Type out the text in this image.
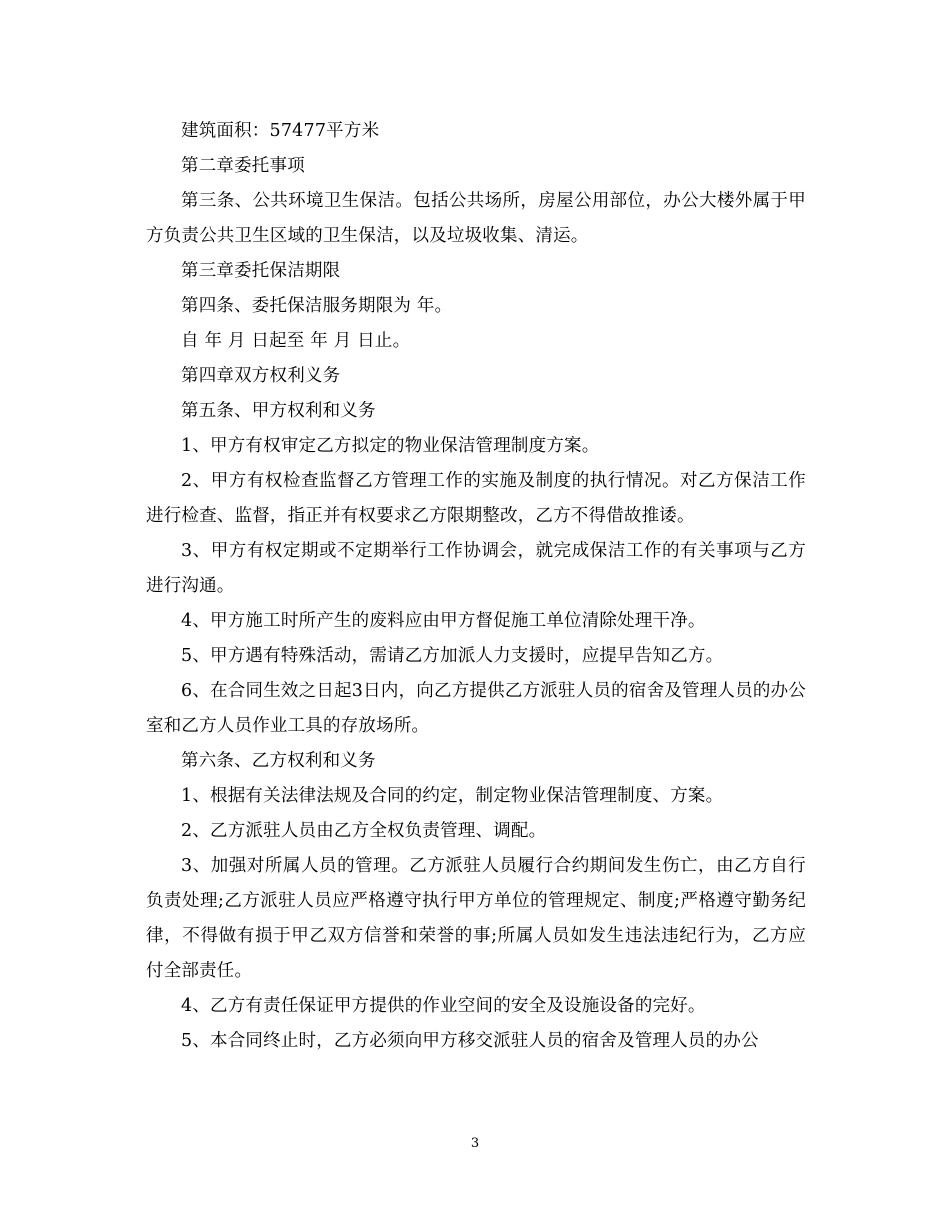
建筑面积：57477平方米

第二章委托事项

第三条、公共环境卫生保洁。包括公共场所，房屋公用部位，办公大楼外属于甲方负责公共卫生区域的卫生保洁，以及垃圾收集、清运。

第三章委托保洁期限

第四条、委托保洁服务期限为 年。

自 年 月 日起至 年 月 日止。

第四章双方权利义务

第五条、甲方权利和义务

1、甲方有权审定乙方拟定的物业保洁管理制度方案。

2、甲方有权检查监督乙方管理工作的实施及制度的执行情况。对乙方保洁工作进行检查、监督，指正并有权要求乙方限期整改，乙方不得借故推诿。

3、甲方有权定期或不定期举行工作协调会，就完成保洁工作的有关事项与乙方进行沟通。

4、甲方施工时所产生的废料应由甲方督促施工单位清除处理干净。

5、甲方遇有特殊活动，需请乙方加派人力支援时，应提早告知乙方。

6、在合同生效之日起3日内，向乙方提供乙方派驻人员的宿舍及管理人员的办公室和乙方人员作业工具的存放场所。

第六条、乙方权利和义务

1、根据有关法律法规及合同的约定，制定物业保洁管理制度、方案。

2、乙方派驻人员由乙方全权负责管理、调配。

3、加强对所属人员的管理。乙方派驻人员履行合约期间发生伤亡，由乙方自行负责处理;乙方派驻人员应严格遵守执行甲方单位的管理规定、制度;严格遵守勤务纪律，不得做有损于甲乙双方信誉和荣誉的事;所属人员如发生违法违纪行为，乙方应付全部责任。

4、乙方有责任保证甲方提供的作业空间的安全及设施设备的完好。

5、本合同终止时，乙方必须向甲方移交派驻人员的宿舍及管理人员的办公

3
